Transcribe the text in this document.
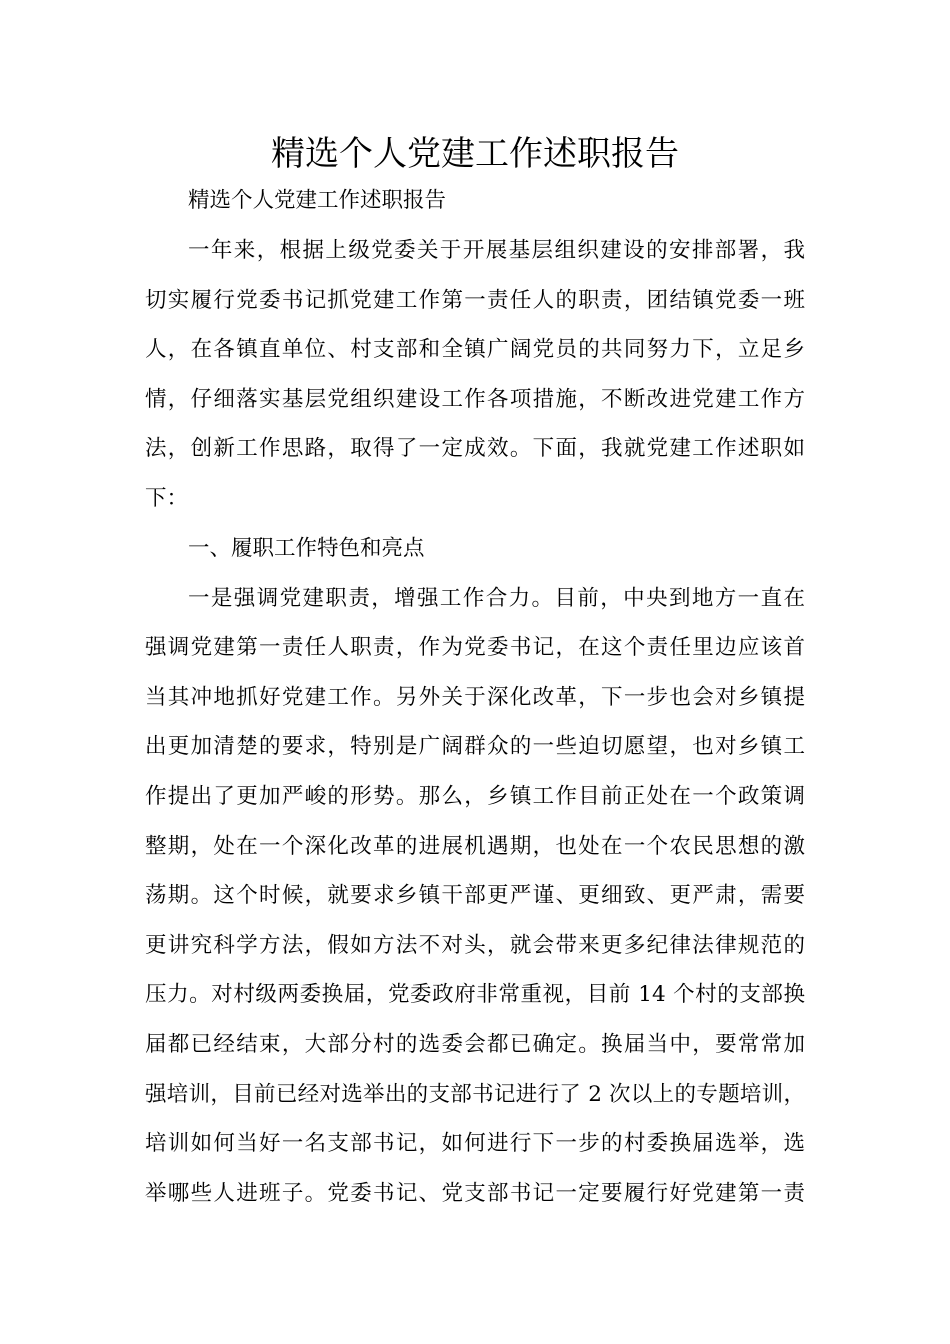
精选个人党建工作述职报告
精选个人党建工作述职报告
一年来，根据上级党委关于开展基层组织建设的安排部署，我
切实履行党委书记抓党建工作第一责任人的职责，团结镇党委一班
人，在各镇直单位、村支部和全镇广阔党员的共同努力下，立足乡
情，仔细落实基层党组织建设工作各项措施，不断改进党建工作方
法，创新工作思路，取得了一定成效。下面，我就党建工作述职如
下：
一、履职工作特色和亮点
一是强调党建职责，增强工作合力。目前，中央到地方一直在
强调党建第一责任人职责，作为党委书记，在这个责任里边应该首
当其冲地抓好党建工作。另外关于深化改革，下一步也会对乡镇提
出更加清楚的要求，特别是广阔群众的一些迫切愿望，也对乡镇工
作提出了更加严峻的形势。那么，乡镇工作目前正处在一个政策调
整期，处在一个深化改革的进展机遇期，也处在一个农民思想的激
荡期。这个时候，就要求乡镇干部更严谨、更细致、更严肃，需要
更讲究科学方法，假如方法不对头，就会带来更多纪律法律规范的
压力。对村级两委换届，党委政府非常重视，目前 14 个村的支部换
届都已经结束，大部分村的选委会都已确定。换届当中，要常常加
强培训，目前已经对选举出的支部书记进行了 2 次以上的专题培训，
培训如何当好一名支部书记，如何进行下一步的村委换届选举，选
举哪些人进班子。党委书记、党支部书记一定要履行好党建第一责
